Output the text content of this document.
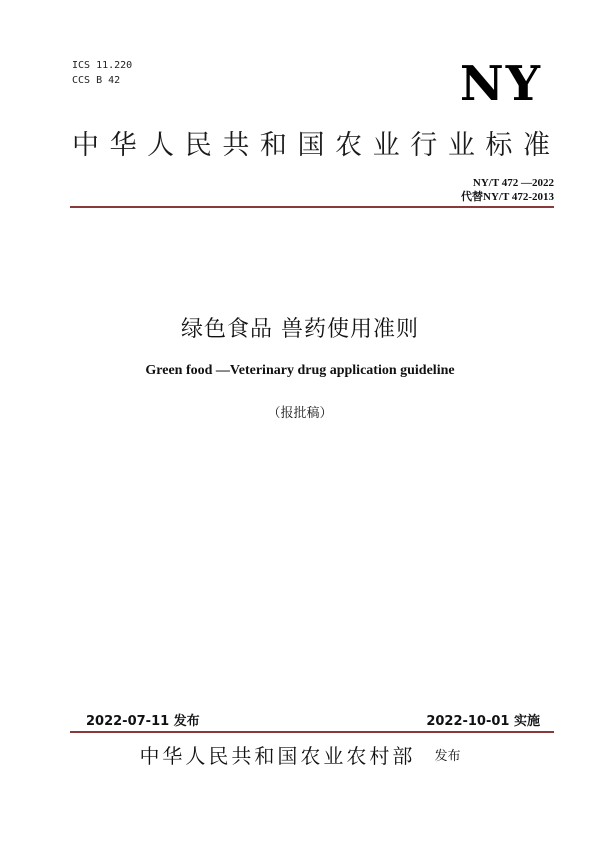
ICS 11.220
CCS B 42	NY
中华人民共和国农业行业标准
NY/T 472 —2022
代替NY/T 472-2013
绿色食品 兽药使用准则
Green food —Veterinary drug application guideline
（报批稿）
2022-07-11 发布	2022-10-01 实施
中华人民共和国农业农村部 发布
